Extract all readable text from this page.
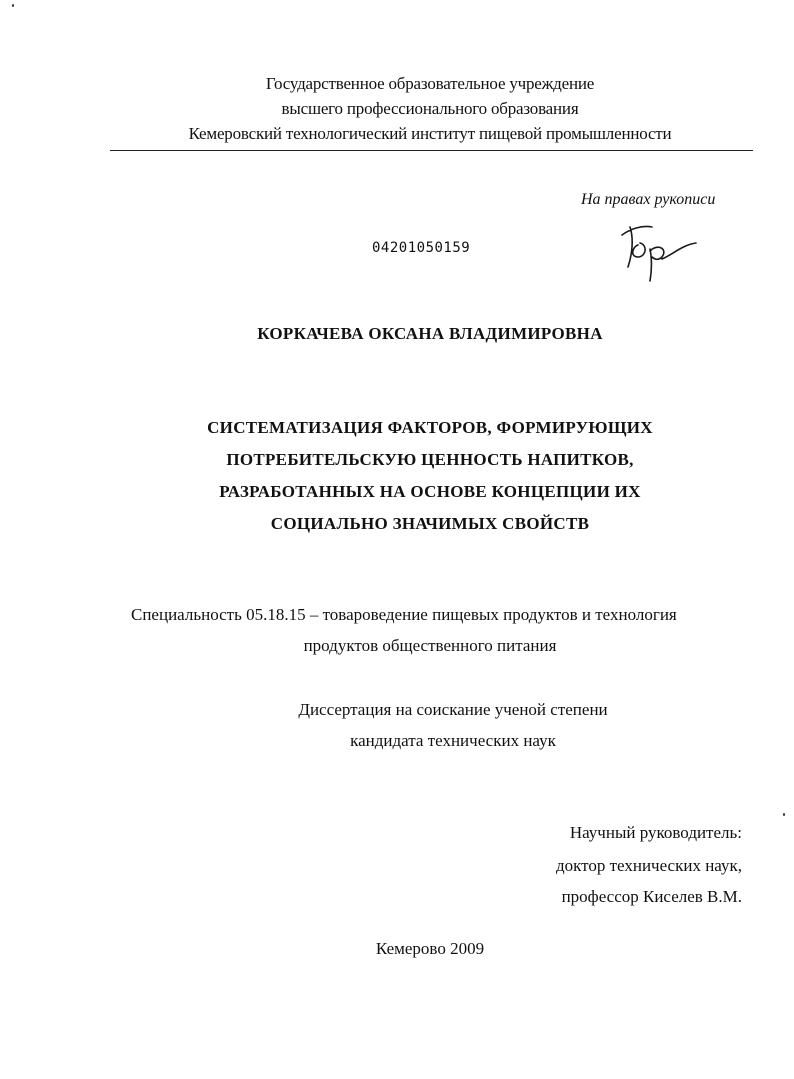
Государственное образовательное учреждение
высшего профессионального образования
Кемеровский технологический институт пищевой промышленности
На правах рукописи
04201050159
КОРКАЧЕВА ОКСАНА ВЛАДИМИРОВНА
СИСТЕМАТИЗАЦИЯ ФАКТОРОВ, ФОРМИРУЮЩИХ
ПОТРЕБИТЕЛЬСКУЮ ЦЕННОСТЬ НАПИТКОВ,
РАЗРАБОТАННЫХ НА ОСНОВЕ КОНЦЕПЦИИ ИХ
СОЦИАЛЬНО ЗНАЧИМЫХ СВОЙСТВ
Специальность 05.18.15 – товароведение пищевых продуктов и технология
продуктов общественного питания
Диссертация на соискание ученой степени
кандидата технических наук
Научный руководитель:
доктор технических наук,
профессор Киселев В.М.
Кемерово 2009
